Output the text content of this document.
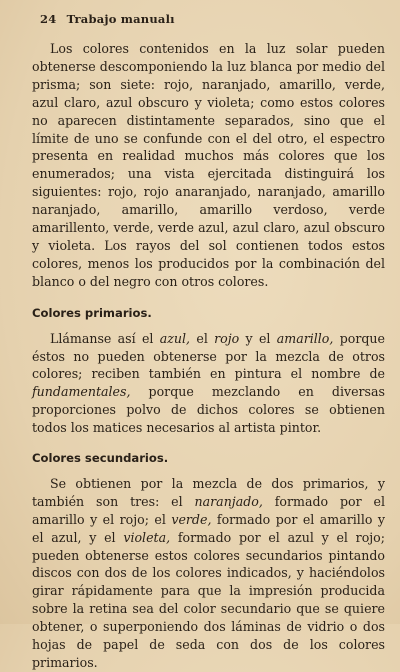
24 Trabajo manualı

Los colores contenidos en la luz solar pueden obtenerse descomponiendo la luz blanca por medio del prisma; son siete: rojo, naranjado, amarillo, verde, azul claro, azul obscuro y violeta; como estos colores no aparecen distintamente separados, sino que el límite de uno se confunde con el del otro, el espectro presenta en realidad muchos más colores que los enumerados; una vista ejercitada distinguirá los siguientes: rojo, rojo anaranjado, naranjado, amarillo naranjado, amarillo, amarillo verdoso, verde amarillento, verde, verde azul, azul claro, azul obscuro y violeta. Los rayos del sol contienen todos estos colores, menos los producidos por la combinación del blanco o del negro con otros colores.

Colores primarios.

Llámanse así el azul, el rojo y el amarillo, porque éstos no pueden obtenerse por la mezcla de otros colores; reciben también en pintura el nombre de fundamentales, porque mezclando en diversas proporciones polvo de dichos colores se obtienen todos los matices necesarios al artista pintor.

Colores secundarios.

Se obtienen por la mezcla de dos primarios, y también son tres: el naranjado, formado por el amarillo y el rojo; el verde, formado por el amarillo y el azul, y el violeta, formado por el azul y el rojo; pueden obtenerse estos colores secundarios pintando discos con dos de los colores indicados, y haciéndolos girar rápidamente para que la impresión producida sobre la retina sea del color secundario que se quiere obtener, o superponiendo dos láminas de vidrio o dos hojas de papel de seda con dos de los colores primarios.
